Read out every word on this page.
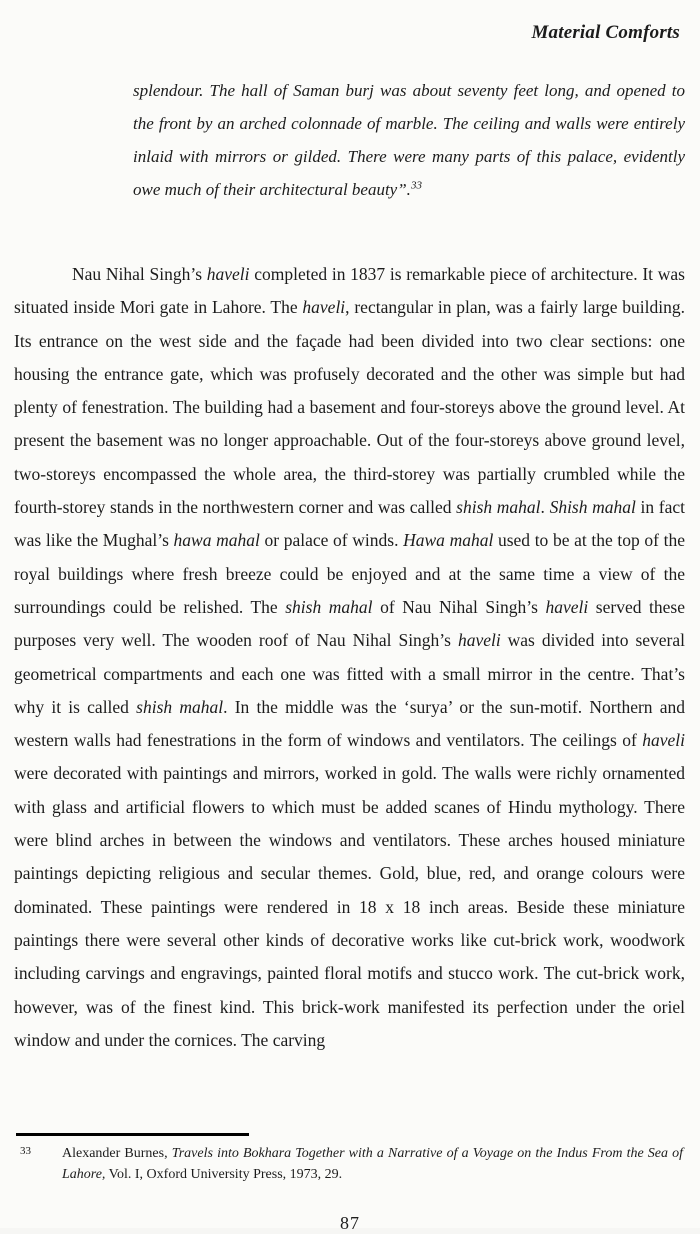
Material Comforts
splendour. The hall of Saman burj was about seventy feet long, and opened to the front by an arched colonnade of marble. The ceiling and walls were entirely inlaid with mirrors or gilded. There were many parts of this palace, evidently owe much of their architectural beauty”.$^{33}$
Nau Nihal Singh’s haveli completed in 1837 is remarkable piece of architecture. It was situated inside Mori gate in Lahore. The haveli, rectangular in plan, was a fairly large building. Its entrance on the west side and the façade had been divided into two clear sections: one housing the entrance gate, which was profusely decorated and the other was simple but had plenty of fenestration. The building had a basement and four-storeys above the ground level. At present the basement was no longer approachable. Out of the four-storeys above ground level, two-storeys encompassed the whole area, the third-storey was partially crumbled while the fourth-storey stands in the northwestern corner and was called shish mahal. Shish mahal in fact was like the Mughal’s hawa mahal or palace of winds. Hawa mahal used to be at the top of the royal buildings where fresh breeze could be enjoyed and at the same time a view of the surroundings could be relished. The shish mahal of Nau Nihal Singh’s haveli served these purposes very well. The wooden roof of Nau Nihal Singh’s haveli was divided into several geometrical compartments and each one was fitted with a small mirror in the centre. That’s why it is called shish mahal. In the middle was the ‘surya’ or the sun-motif. Northern and western walls had fenestrations in the form of windows and ventilators. The ceilings of haveli were decorated with paintings and mirrors, worked in gold. The walls were richly ornamented with glass and artificial flowers to which must be added scanes of Hindu mythology. There were blind arches in between the windows and ventilators. These arches housed miniature paintings depicting religious and secular themes. Gold, blue, red, and orange colours were dominated. These paintings were rendered in 18 x 18 inch areas. Beside these miniature paintings there were several other kinds of decorative works like cut-brick work, woodwork including carvings and engravings, painted floral motifs and stucco work. The cut-brick work, however, was of the finest kind. This brick-work manifested its perfection under the oriel window and under the cornices. The carving
33 Alexander Burnes, Travels into Bokhara Together with a Narrative of a Voyage on the Indus From the Sea of Lahore, Vol. I, Oxford University Press, 1973, 29.
87
